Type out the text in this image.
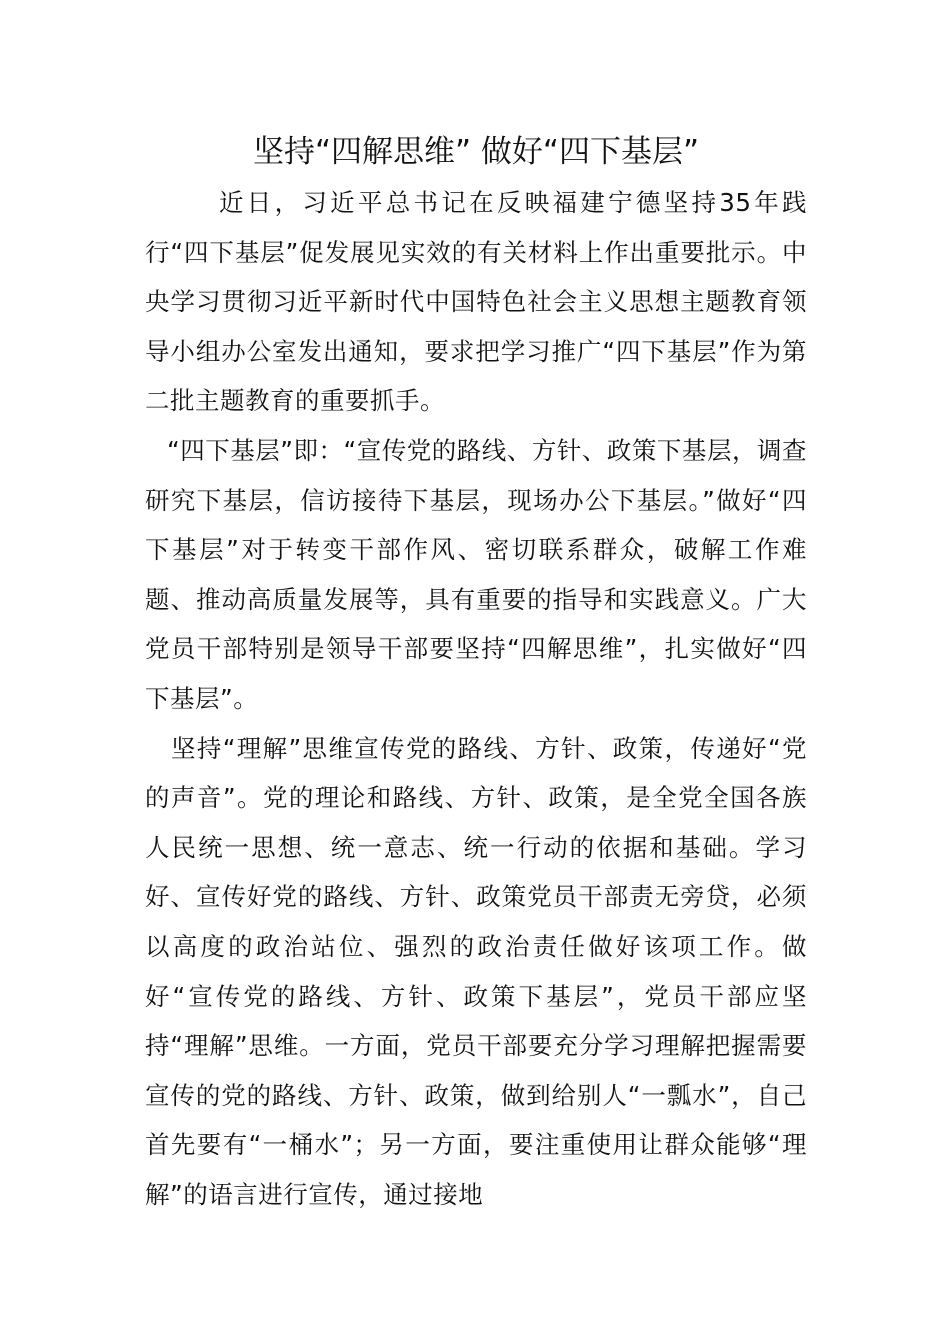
坚持“四解思维” 做好“四下基层”

近日，习近平总书记在反映福建宁德坚持35年践行“四下基层”促发展见实效的有关材料上作出重要批示。中央学习贯彻习近平新时代中国特色社会主义思想主题教育领导小组办公室发出通知，要求把学习推广“四下基层”作为第二批主题教育的重要抓手。

“四下基层”即：“宣传党的路线、方针、政策下基层，调查研究下基层，信访接待下基层，现场办公下基层。”做好“四下基层”对于转变干部作风、密切联系群众，破解工作难题、推动高质量发展等，具有重要的指导和实践意义。广大党员干部特别是领导干部要坚持“四解思维”，扎实做好“四下基层”。

坚持“理解”思维宣传党的路线、方针、政策，传递好“党的声音”。党的理论和路线、方针、政策，是全党全国各族人民统一思想、统一意志、统一行动的依据和基础。学习好、宣传好党的路线、方针、政策党员干部责无旁贷，必须以高度的政治站位、强烈的政治责任做好该项工作。做好“宣传党的路线、方针、政策下基层”，党员干部应坚持“理解”思维。一方面，党员干部要充分学习理解把握需要宣传的党的路线、方针、政策，做到给别人“一瓢水”，自己首先要有“一桶水”；另一方面，要注重使用让群众能够“理解”的语言进行宣传，通过接地
